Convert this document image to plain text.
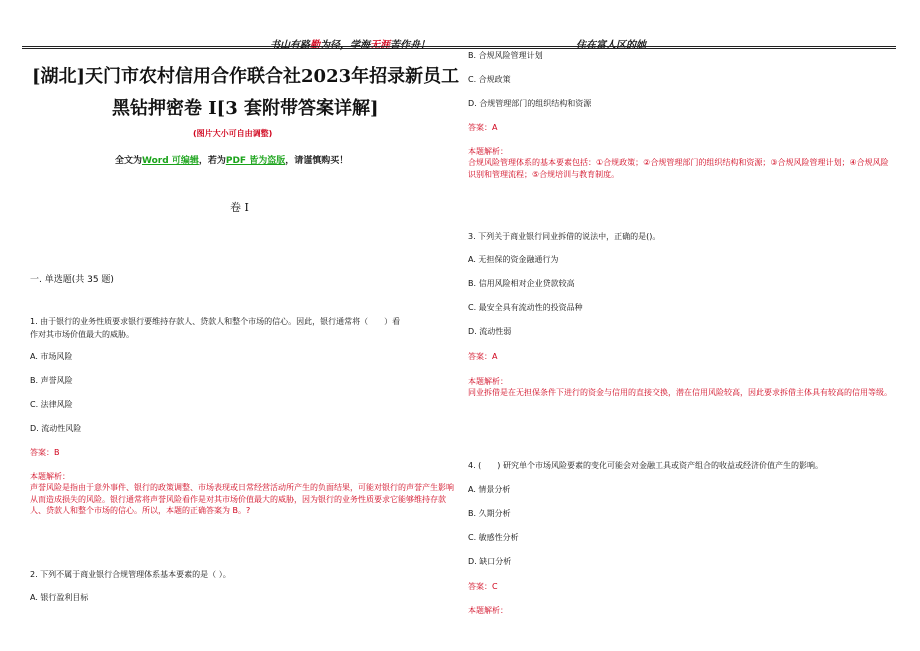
[湖北]天门市农村信用合作联合社2023年招录新员工
黑钻押密卷 I[3 套附带答案详解]
(图片大小可自由调整)
全文为Word 可编辑，若为PDF 皆为盗版，请谨慎购买！
卷 I
一. 单选题(共 35 题)
1. 由于银行的业务性质要求银行要维持存款人、贷款人和整个市场的信心。因此，银行通常将（　　）看
作对其市场价值最大的威胁。
A. 市场风险
B. 声誉风险
C. 法律风险
D. 流动性风险
答案：B
本题解析：
声誉风险是指由于意外事件、银行的政策调整、市场表现或日常经营活动所产生的负面结果，可能对银行的声誉产生影响从而造成损失的风险。银行通常将声誉风险看作是对其市场价值最大的威胁，因为银行的业务性质要求它能够维持存款人、贷款人和整个市场的信心。所以，本题的正确答案为 B。?
2. 下列不属于商业银行合规管理体系基本要素的是（ ）。
A. 银行盈利目标
B. 合规风险管理计划
C. 合规政策
D. 合规管理部门的组织结构和资源
答案：A
本题解析：
合规风险管理体系的基本要素包括：①合规政策；②合规管理部门的组织结构和资源；③合规风险管理计划；④合规风险识别和管理流程；⑤合规培训与教育制度。
3. 下列关于商业银行同业拆借的说法中，正确的是()。
A. 无担保的资金融通行为
B. 信用风险相对企业贷款较高
C. 最安全具有流动性的投资品种
D. 流动性弱
答案：A
本题解析：
同业拆借是在无担保条件下进行的资金与信用的直接交换，潜在信用风险较高，因此要求拆借主体具有较高的信用等级。
4. (　　) 研究单个市场风险要素的变化可能会对金融工具或资产组合的收益或经济价值产生的影响。
A. 情景分析
B. 久期分析
C. 敏感性分析
D. 缺口分析
答案：C
本题解析：
